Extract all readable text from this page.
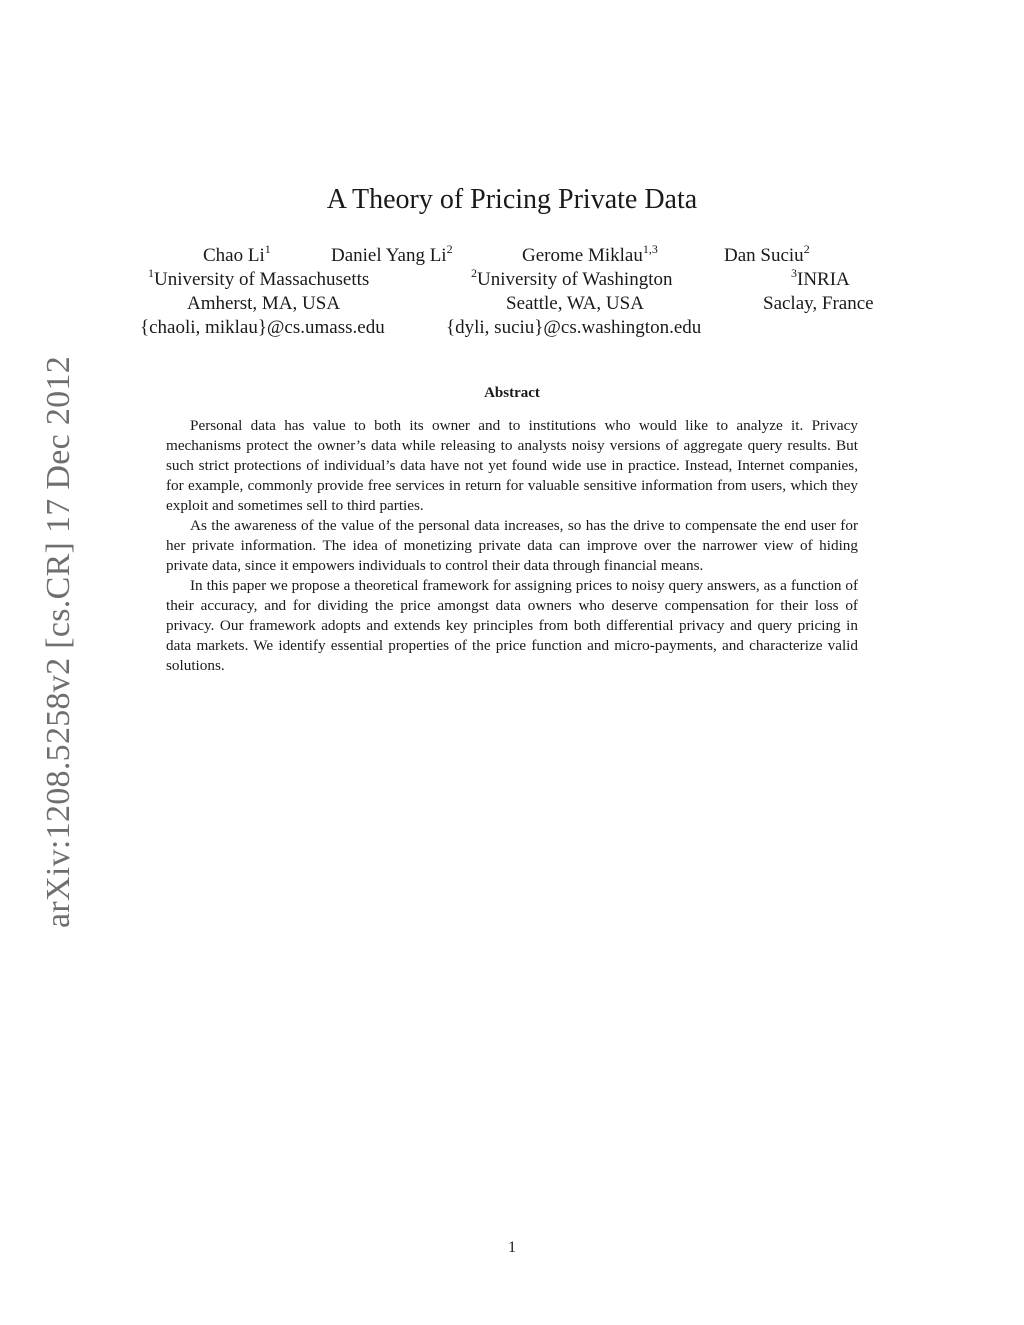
arXiv:1208.5258v2 [cs.CR] 17 Dec 2012
A Theory of Pricing Private Data
Chao Li$^1$	Daniel Yang Li$^2$	Gerome Miklau$^{1,3}$	Dan Suciu$^2$
$^1$University of Massachusetts	$^2$University of Washington	$^3$INRIA
Amherst, MA, USA	Seattle, WA, USA	Saclay, France
{chaoli, miklau}@cs.umass.edu	{dyli, suciu}@cs.washington.edu
Abstract

Personal data has value to both its owner and to institutions who would like to analyze it. Privacy mechanisms protect the owner’s data while releasing to analysts noisy versions of aggregate query results. But such strict protections of individual’s data have not yet found wide use in practice. Instead, Internet companies, for example, commonly provide free services in return for valuable sensitive information from users, which they exploit and sometimes sell to third parties.

As the awareness of the value of the personal data increases, so has the drive to compensate the end user for her private information. The idea of monetizing private data can improve over the narrower view of hiding private data, since it empowers individuals to control their data through financial means.

In this paper we propose a theoretical framework for assigning prices to noisy query answers, as a function of their accuracy, and for dividing the price amongst data owners who deserve compensation for their loss of privacy. Our framework adopts and extends key principles from both differential privacy and query pricing in data markets. We identify essential properties of the price function and micro-payments, and characterize valid solutions.

1
